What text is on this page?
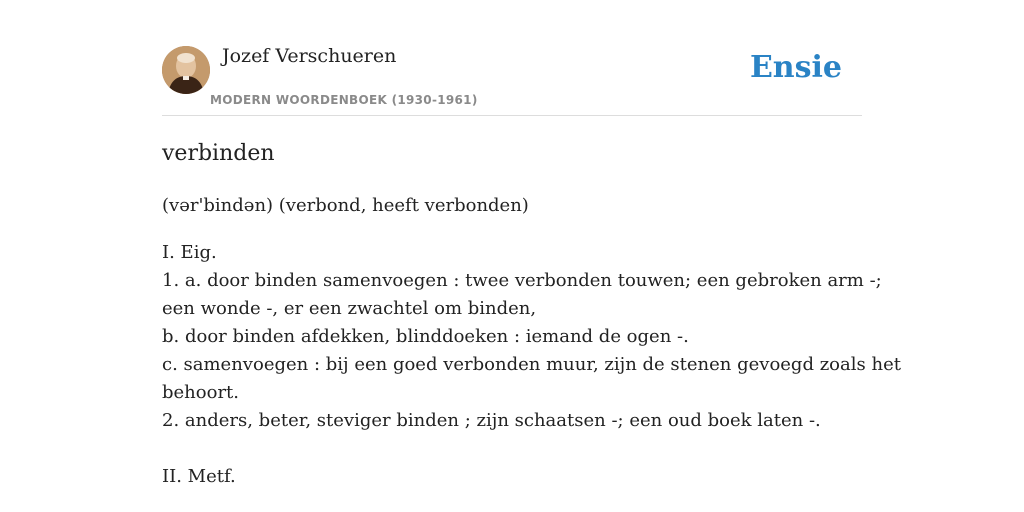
Jozef Verschueren
MODERN WOORDENBOEK (1930-1961)
Ensie
verbinden
(vər'bindən) (verbond, heeft verbonden)
I. Eig.
1. a. door binden samenvoegen : twee verbonden touwen; een gebroken arm -;
een wonde -, er een zwachtel om binden,
b. door binden afdekken, blinddoeken : iemand de ogen -.
c. samenvoegen : bij een goed verbonden muur, zijn de stenen gevoegd zoals het
behoort.
2. anders, beter, steviger binden ; zijn schaatsen -; een oud boek laten -.
II. Metf.
